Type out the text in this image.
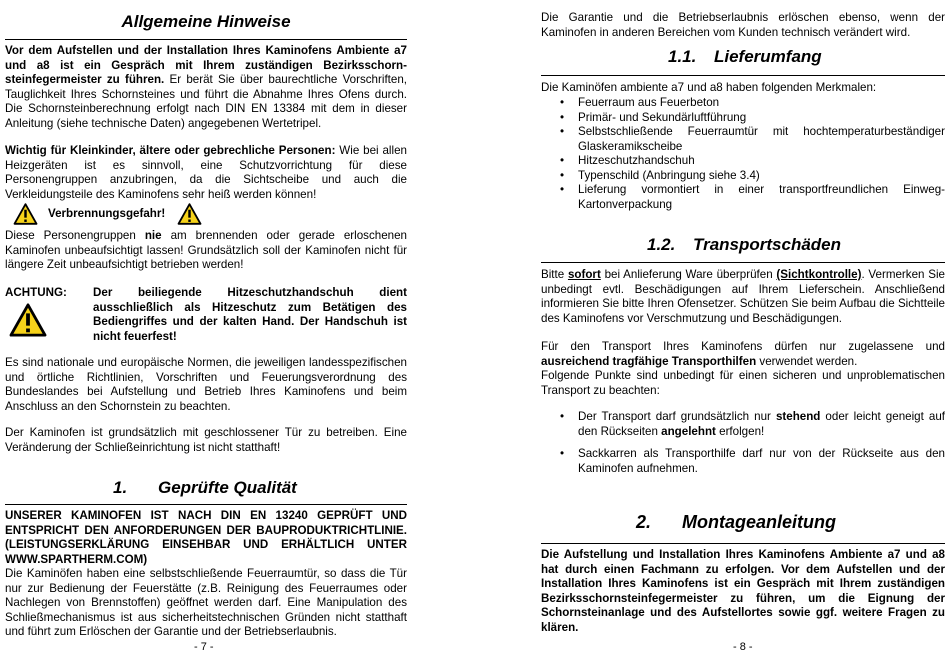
Allgemeine Hinweise

Vor dem Aufstellen und der Installation Ihres Kaminofens Ambiente a7 und a8 ist ein Gespräch mit Ihrem zuständigen Bezirksschornsteinfegermeister zu führen. Er berät Sie über baurechtliche Vorschriften, Tauglichkeit Ihres Schornsteines und führt die Abnahme Ihres Ofens durch. Die Schornsteinberechnung erfolgt nach DIN EN 13384 mit dem in dieser Anleitung (siehe technische Daten) angegebenen Wertetripel.

Wichtig für Kleinkinder, ältere oder gebrechliche Personen: Wie bei allen Heizgeräten ist es sinnvoll, eine Schutzvorrichtung für diese Personengruppen anzubringen, da die Sichtscheibe und auch die Verkleidungsteile des Kaminofens sehr heiß werden können!

Verbrennungsgefahr!

Diese Personengruppen nie am brennenden oder gerade erloschenen Kaminofen unbeaufsichtigt lassen! Grundsätzlich soll der Kaminofen nicht für längere Zeit unbeaufsichtigt betrieben werden!

ACHTUNG: Der beiliegende Hitzeschutzhandschuh dient ausschließlich als Hitzeschutz zum Betätigen des Bediengriffes und der kalten Hand. Der Handschuh ist nicht feuerfest!

Es sind nationale und europäische Normen, die jeweiligen landesspezifischen und örtliche Richtlinien, Vorschriften und Feuerungsverordnung des Bundeslandes bei Aufstellung und Betrieb Ihres Kaminofens und beim Anschluss an den Schornstein zu beachten.

Der Kaminofen ist grundsätzlich mit geschlossener Tür zu betreiben. Eine Veränderung der Schließeinrichtung ist nicht statthaft!

1. Geprüfte Qualität

UNSERER KAMINOFEN IST NACH DIN EN 13240 GEPRÜFT UND ENTSPRICHT DEN ANFORDERUNGEN DER BAUPRODUKTRICHTLINIE. (LEISTUNGSERKLÄRUNG EINSEHBAR UND ERHÄLTLICH UNTER WWW.SPARTHERM.COM)

Die Kaminöfen haben eine selbstschließende Feuerraumtür, so dass die Tür nur zur Bedienung der Feuerstätte (z.B. Reinigung des Feuerraumes oder Nachlegen von Brennstoffen) geöffnet werden darf. Eine Manipulation des Schließmechanismus ist aus sicherheitstechnischen Gründen nicht statthaft und führt zum Erlöschen der Garantie und der Betriebserlaubnis.

- 7 -

Die Garantie und die Betriebserlaubnis erlöschen ebenso, wenn der Kaminofen in anderen Bereichen vom Kunden technisch verändert wird.

1.1. Lieferumfang

Die Kaminöfen ambiente a7 und a8 haben folgenden Merkmalen:

• Feuerraum aus Feuerbeton
• Primär- und Sekundärluftführung
• Selbstschließende Feuerraumtür mit hochtemperaturbeständiger Glaskeramikscheibe
• Hitzeschutzhandschuh
• Typenschild (Anbringung siehe 3.4)
• Lieferung vormontiert in einer transportfreundlichen Einweg-Kartonverpackung
1.2. Transportschäden

Bitte sofort bei Anlieferung Ware überprüfen (Sichtkontrolle). Vermerken Sie unbedingt evtl. Beschädigungen auf Ihrem Lieferschein. Anschließend informieren Sie bitte Ihren Ofensetzer. Schützen Sie beim Aufbau die Sichtteile des Kaminofens vor Verschmutzung und Beschädigungen.

Für den Transport Ihres Kaminofens dürfen nur zugelassene und ausreichend tragfähige Transporthilfen verwendet werden.

Folgende Punkte sind unbedingt für einen sicheren und unproblematischen Transport zu beachten:

• Der Transport darf grundsätzlich nur stehend oder leicht geneigt auf den Rückseiten angelehnt erfolgen!
• Sackkarren als Transporthilfe darf nur von der Rückseite aus den Kaminofen aufnehmen.
2. Montageanleitung

Die Aufstellung und Installation Ihres Kaminofens Ambiente a7 und a8 hat durch einen Fachmann zu erfolgen. Vor dem Aufstellen und der Installation Ihres Kaminofens ist ein Gespräch mit Ihrem zuständigen Bezirksschornsteinfegermeister zu führen, um die Eignung der Schornsteinanlage und des Aufstellortes sowie ggf. weitere Fragen zu klären.

- 8 -
